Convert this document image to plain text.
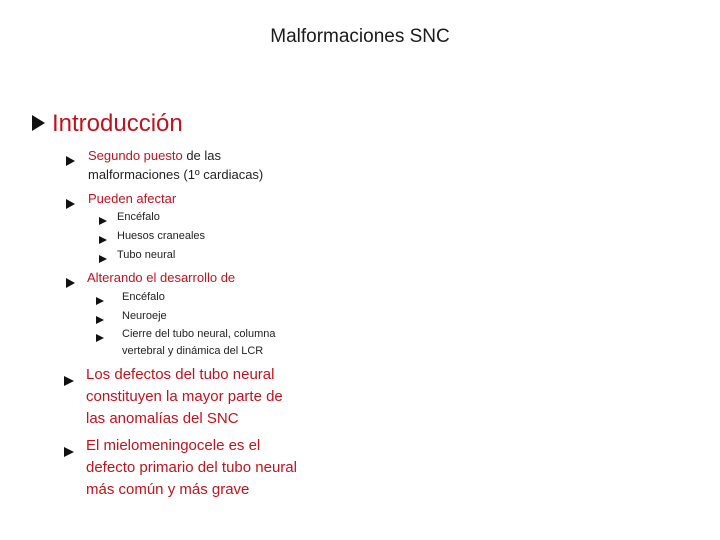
Malformaciones SNC
Introducción
Segundo puesto de las
malformaciones (1º cardiacas)
Pueden afectar
Encéfalo
Huesos craneales
Tubo neural
Alterando el desarrollo de
Encéfalo
Neuroeje
Cierre del tubo neural, columna
vertebral y dinámica del LCR
Los defectos del tubo neural
constituyen la mayor parte de
las anomalías del SNC
El mielomeningocele es el
defecto primario del tubo neural
más común y más grave
